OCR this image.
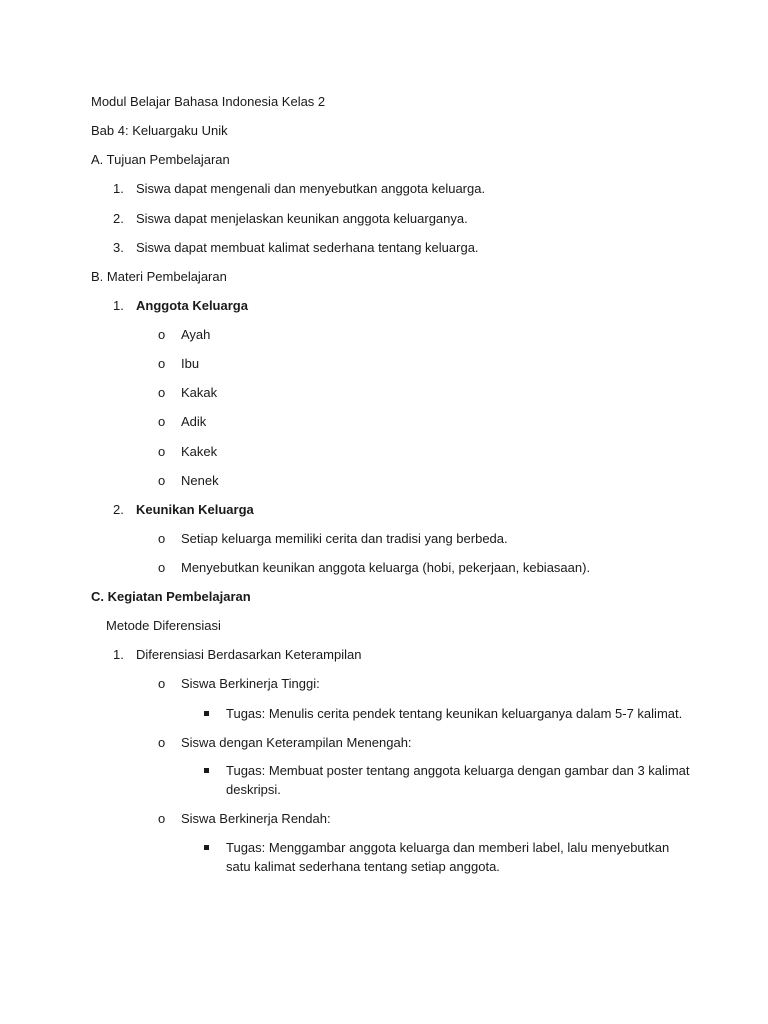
Modul Belajar Bahasa Indonesia Kelas 2
Bab 4: Keluargaku Unik
A. Tujuan Pembelajaran
1. Siswa dapat mengenali dan menyebutkan anggota keluarga.
2. Siswa dapat menjelaskan keunikan anggota keluarganya.
3. Siswa dapat membuat kalimat sederhana tentang keluarga.
B. Materi Pembelajaran
1. Anggota Keluarga
o Ayah
o Ibu
o Kakak
o Adik
o Kakek
o Nenek
2. Keunikan Keluarga
o Setiap keluarga memiliki cerita dan tradisi yang berbeda.
o Menyebutkan keunikan anggota keluarga (hobi, pekerjaan, kebiasaan).
C. Kegiatan Pembelajaran
Metode Diferensiasi
1. Diferensiasi Berdasarkan Keterampilan
o Siswa Berkinerja Tinggi:
Tugas: Menulis cerita pendek tentang keunikan keluarganya dalam 5-7 kalimat.
o Siswa dengan Keterampilan Menengah:
Tugas: Membuat poster tentang anggota keluarga dengan gambar dan 3 kalimat
deskripsi.
o Siswa Berkinerja Rendah:
Tugas: Menggambar anggota keluarga dan memberi label, lalu menyebutkan
satu kalimat sederhana tentang setiap anggota.
